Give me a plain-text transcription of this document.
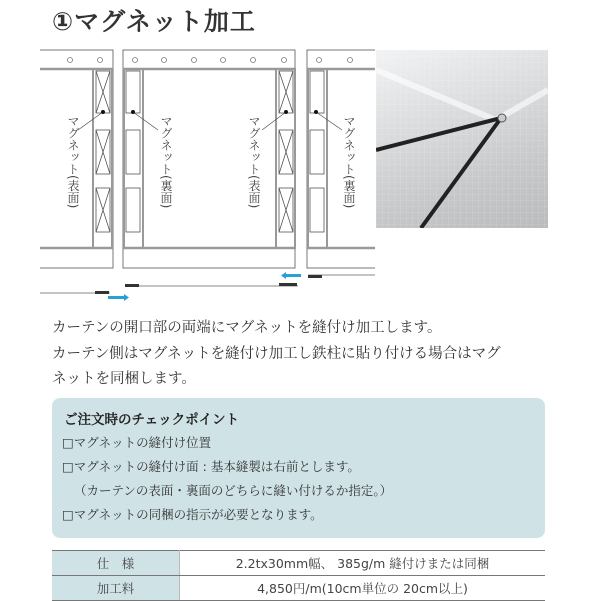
①マグネット加工
マグネット(表面)	マグネット(裏面)	マグネット(表面)	マグネット(裏面)
カーテンの開口部の両端にマグネットを縫付け加工します。
カーテン側はマグネットを縫付け加工し鉄柱に貼り付ける場合はマグ
ネットを同梱します。
ご注文時のチェックポイント
□マグネットの縫付け位置
□マグネットの縫付け面 : 基本縫製は右前とします。
（カーテンの表面・裏面のどちらに縫い付けるか指定。）
□マグネットの同梱の指示が必要となります。
仕　様	2.2tx30mm幅、 385g/m 縫付けまたは同梱
加工料	4,850円/m(10cm単位の 20cm以上)
